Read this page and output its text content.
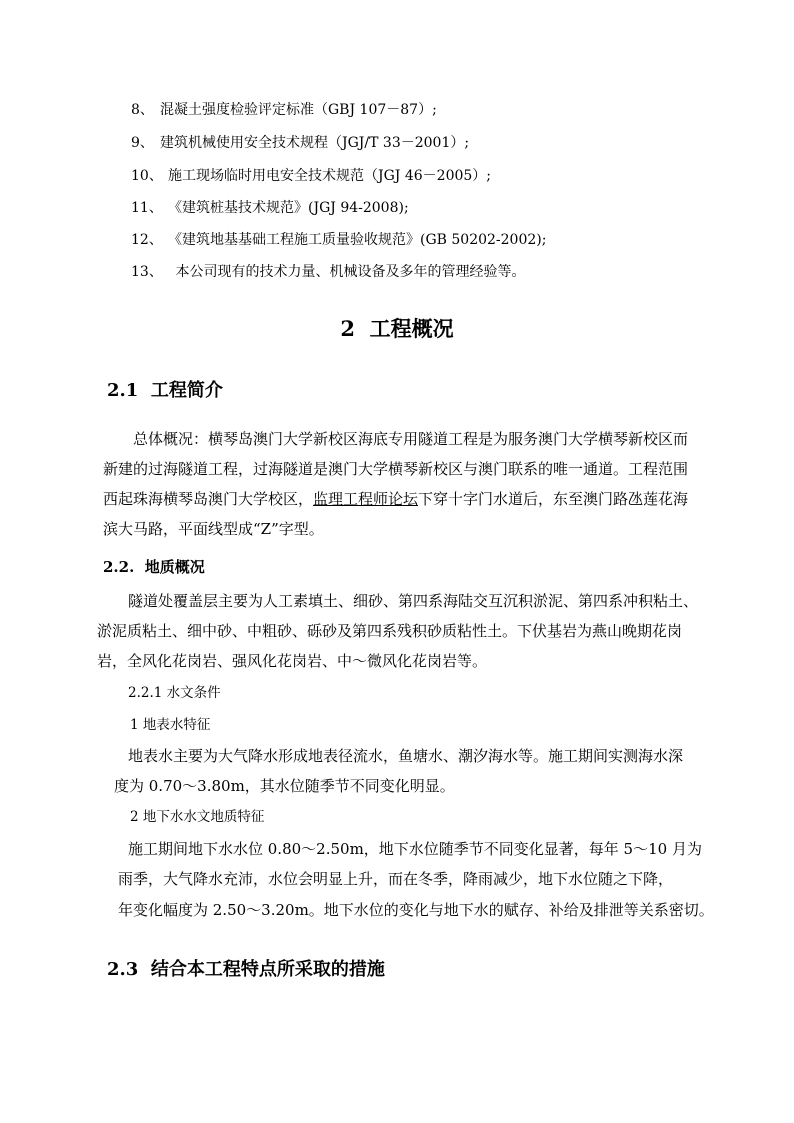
8、 混凝土强度检验评定标准（GBJ 107－87）;
9、 建筑机械使用安全技术规程（JGJ/T 33－2001）;
10、 施工现场临时用电安全技术规范（JGJ 46－2005）;
11、 《建筑桩基技术规范》(JGJ 94-2008);
12、 《建筑地基基础工程施工质量验收规范》(GB 50202-2002);
13、 本公司现有的技术力量、机械设备及多年的管理经验等。
2 工程概况
2.1 工程简介
总体概况：横琴岛澳门大学新校区海底专用隧道工程是为服务澳门大学横琴新校区而
新建的过海隧道工程，过海隧道是澳门大学横琴新校区与澳门联系的唯一通道。工程范围
西起珠海横琴岛澳门大学校区，监理工程师论坛下穿十字门水道后，东至澳门路氹莲花海
滨大马路，平面线型成“Z”字型。
2.2. 地质概况
隧道处覆盖层主要为人工素填土、细砂、第四系海陆交互沉积淤泥、第四系冲积粘土、
淤泥质粘土、细中砂、中粗砂、砾砂及第四系残积砂质粘性土。下伏基岩为燕山晚期花岗
岩，全风化花岗岩、强风化花岗岩、中～微风化花岗岩等。
2.2.1 水文条件
1 地表水特征
地表水主要为大气降水形成地表径流水，鱼塘水、潮汐海水等。施工期间实测海水深
度为 0.70～3.80m，其水位随季节不同变化明显。
2 地下水水文地质特征
施工期间地下水水位 0.80～2.50m，地下水位随季节不同变化显著，每年 5～10 月为
雨季，大气降水充沛，水位会明显上升，而在冬季，降雨减少，地下水位随之下降，
年变化幅度为 2.50～3.20m。地下水位的变化与地下水的赋存、补给及排泄等关系密切。
2.3 结合本工程特点所采取的措施
